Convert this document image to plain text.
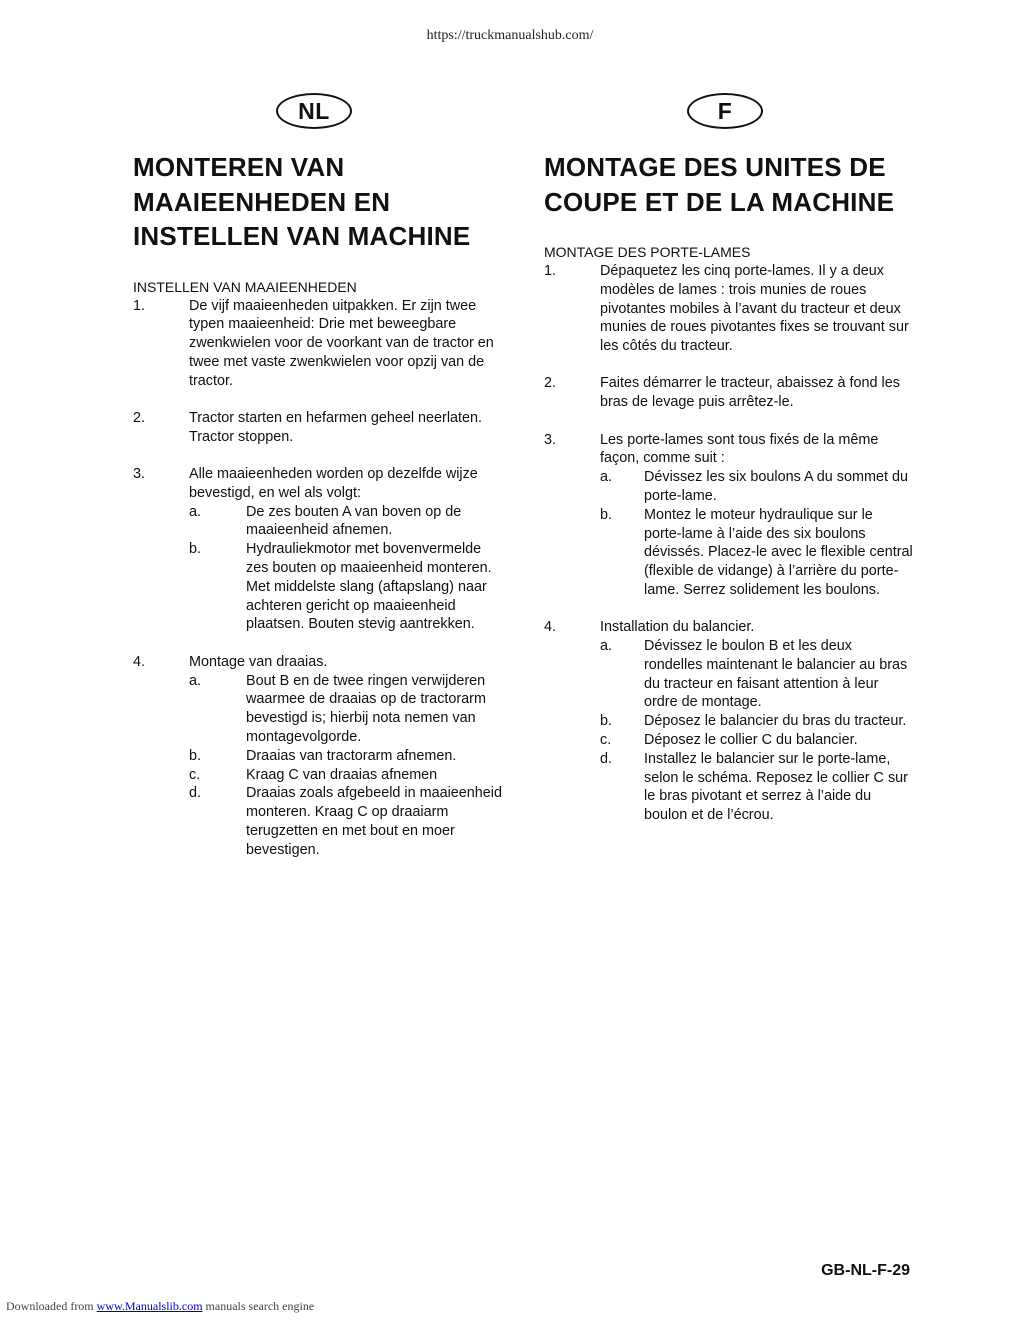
https://truckmanualshub.com/
NL	F
MONTEREN VAN MAAIEENHEDEN EN INSTELLEN VAN MACHINE

INSTELLEN VAN MAAIEENHEDEN

1.	De vijf maaieenheden uitpakken. Er zijn twee typen maaieenheid: Drie met beweegbare zwenkwielen voor de voorkant van de tractor en twee met vaste zwenkwielen voor opzij van de tractor.
2.	Tractor starten en hefarmen geheel neerlaten. Tractor stoppen.
3.	Alle maaieenheden worden op dezelfde wijze bevestigd, en wel als volgt:
a.	De zes bouten A van boven op de maaieenheid afnemen.
b.	Hydrauliekmotor met bovenvermelde zes bouten op maaieenheid monteren. Met middelste slang (aftapslang) naar achteren gericht op maaieenheid plaatsen. Bouten stevig aantrekken.
4.	Montage van draaias.
a.	Bout B en de twee ringen verwijderen waarmee de draaias op de tractorarm bevestigd is; hierbij nota nemen van montagevolgorde.
b.	Draaias van tractorarm afnemen.
c.	Kraag C van draaias afnemen
d.	Draaias zoals afgebeeld in maaieenheid monteren. Kraag C op draaiarm terugzetten en met bout en moer bevestigen.
MONTAGE DES UNITES DE COUPE ET DE LA MACHINE

MONTAGE DES PORTE-LAMES

1.	Dépaquetez les cinq porte-lames. Il y a deux modèles de lames : trois munies de roues pivotantes mobiles à l’avant du tracteur et deux munies de roues pivotantes fixes se trouvant sur les côtés du tracteur.
2.	Faites démarrer le tracteur, abaissez à fond les bras de levage puis arrêtez-le.
3.	Les porte-lames sont tous fixés de la même façon, comme suit :
a.	Dévissez les six boulons A du sommet du porte-lame.
b.	Montez le moteur hydraulique sur le porte-lame à l’aide des six boulons dévissés. Placez-le avec le flexible central (flexible de vidange) à l’arrière du porte-lame. Serrez solidement les boulons.
4.	Installation du balancier.
a.	Dévissez le boulon B et les deux rondelles maintenant le balancier au bras du tracteur en faisant attention à leur ordre de montage.
b.	Déposez le balancier du bras du tracteur.
c.	Déposez le collier C du balancier.
d.	Installez le balancier sur le porte-lame, selon le schéma. Reposez le collier C sur le bras pivotant et serrez à l’aide du boulon et de l’écrou.
GB-NL-F-29
Downloaded from www.Manualslib.com manuals search engine
